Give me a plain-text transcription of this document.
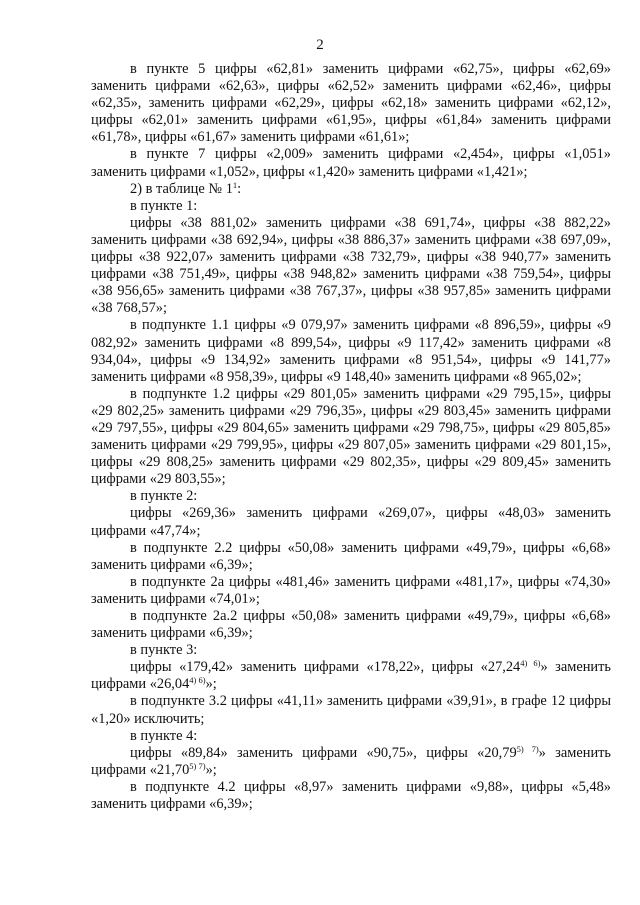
2

в пункте 5 цифры «62,81» заменить цифрами «62,75», цифры «62,69» заменить цифрами «62,63», цифры «62,52» заменить цифрами «62,46», цифры «62,35», заменить цифрами «62,29», цифры «62,18» заменить цифрами «62,12», цифры «62,01» заменить цифрами «61,95», цифры «61,84» заменить цифрами «61,78», цифры «61,67» заменить цифрами «61,61»;

в пункте 7 цифры «2,009» заменить цифрами «2,454», цифры «1,051» заменить цифрами «1,052», цифры «1,420» заменить цифрами «1,421»;

2) в таблице № $1^1$:

в пункте 1:

цифры «38 881,02» заменить цифрами «38 691,74», цифры «38 882,22» заменить цифрами «38 692,94», цифры «38 886,37» заменить цифрами «38 697,09», цифры «38 922,07» заменить цифрами «38 732,79», цифры «38 940,77» заменить цифрами «38 751,49», цифры «38 948,82» заменить цифрами «38 759,54», цифры «38 956,65» заменить цифрами «38 767,37», цифры «38 957,85» заменить цифрами «38 768,57»;

в подпункте 1.1 цифры «9 079,97» заменить цифрами «8 896,59», цифры «9 082,92» заменить цифрами «8 899,54», цифры «9 117,42» заменить цифрами «8 934,04», цифры «9 134,92» заменить цифрами «8 951,54», цифры «9 141,77» заменить цифрами «8 958,39», цифры «9 148,40» заменить цифрами «8 965,02»;

в подпункте 1.2 цифры «29 801,05» заменить цифрами «29 795,15», цифры «29 802,25» заменить цифрами «29 796,35», цифры «29 803,45» заменить цифрами «29 797,55», цифры «29 804,65» заменить цифрами «29 798,75», цифры «29 805,85» заменить цифрами «29 799,95», цифры «29 807,05» заменить цифрами «29 801,15», цифры «29 808,25» заменить цифрами «29 802,35», цифры «29 809,45» заменить цифрами «29 803,55»;

в пункте 2:

цифры «269,36» заменить цифрами «269,07», цифры «48,03» заменить цифрами «47,74»;

в подпункте 2.2 цифры «50,08» заменить цифрами «49,79», цифры «6,68» заменить цифрами «6,39»;

в подпункте 2а цифры «481,46» заменить цифрами «481,17», цифры «74,30» заменить цифрами «74,01»;

в подпункте 2а.2 цифры «50,08» заменить цифрами «49,79», цифры «6,68» заменить цифрами «6,39»;

в пункте 3:

цифры «179,42» заменить цифрами «178,22», цифры «$27,24^{4) 6)}$» заменить цифрами «$26,04^{4) 6)}$»;

в подпункте 3.2 цифры «41,11» заменить цифрами «39,91», в графе 12 цифры «1,20» исключить;

в пункте 4:

цифры «89,84» заменить цифрами «90,75», цифры «$20,79^{5) 7)}$» заменить цифрами «$21,70^{5) 7)}$»;

в подпункте 4.2 цифры «8,97» заменить цифрами «9,88», цифры «5,48» заменить цифрами «6,39»;
